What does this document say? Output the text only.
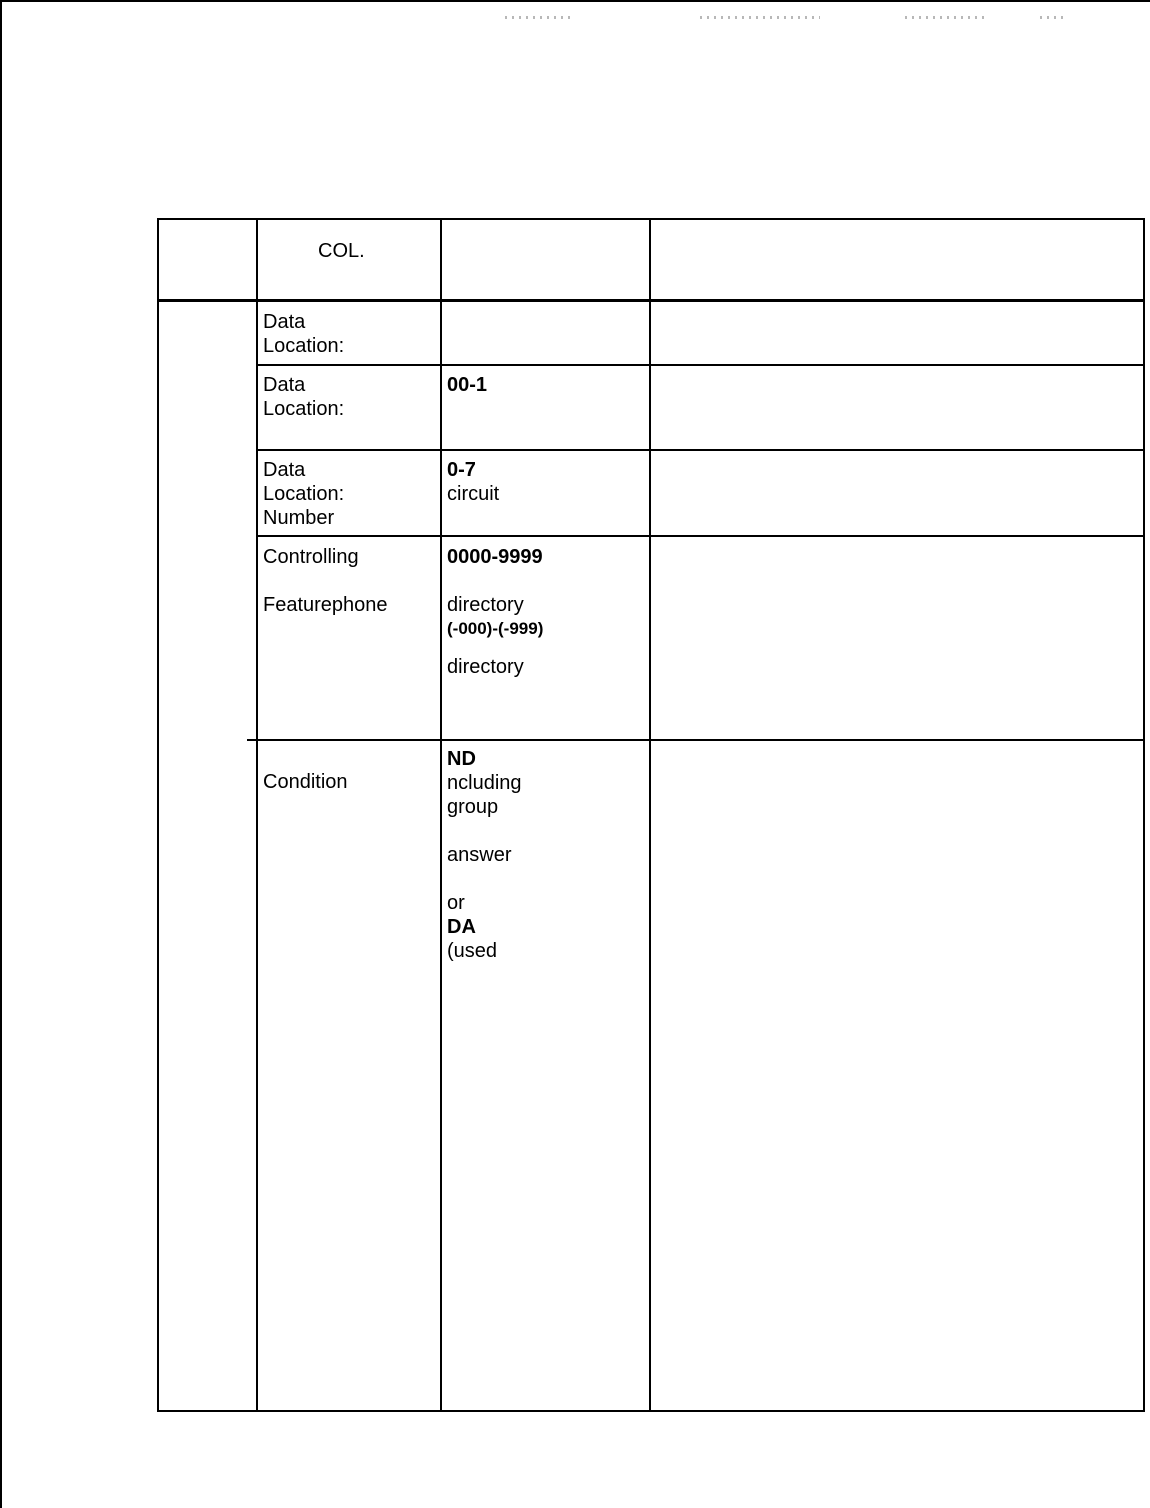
COL.
Data
Location:
Data
Location:
00-1
Data
Location:
Number
0-7
circuit
Controlling
Featurephone
0000-9999
directory
(-000)-(-999)
directory
Condition
ND
ncluding
group
answer
or
DA
(used
